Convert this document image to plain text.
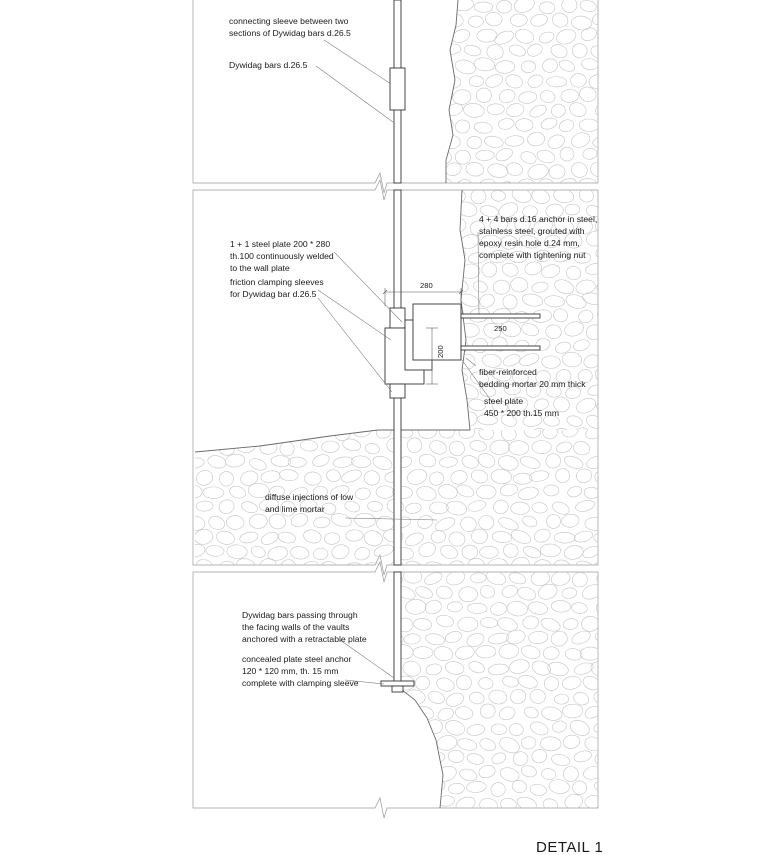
280
200
250
connecting sleeve between two
sections of Dywidag bars d.26.5
Dywidag bars d.26.5
1 + 1 steel plate 200 * 280
th.100 continuously welded
to the wall plate
friction clamping sleeves
for Dywidag bar d.26.5
4 + 4 bars d.16 anchor in steel,
stainless steel, grouted with
epoxy resin hole d.24 mm,
complete with tightening nut
fiber-reinforced
bedding mortar 20 mm thick
steel plate
450 * 200 th.15 mm
diffuse injections of low
and lime mortar
Dywidag bars passing through
the facing walls of the vaults
anchored with a retractable plate
concealed plate steel anchor
120 * 120 mm, th. 15 mm
complete with clamping sleeve
DETAIL 1
